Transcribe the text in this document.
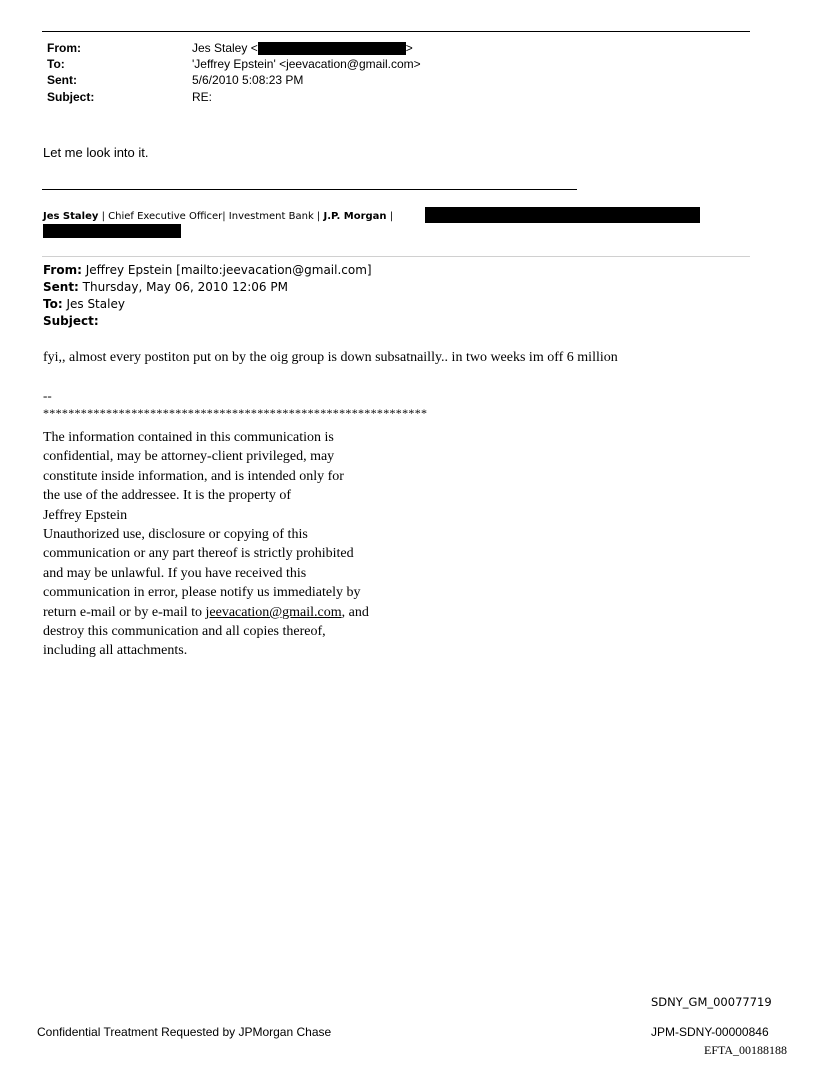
From:	Jes Staley <	>
To:	'Jeffrey Epstein' <jeevacation@gmail.com>
Sent:	5/6/2010 5:08:23 PM
Subject:	RE:
Let me look into it.
Jes Staley | Chief Executive Officer| Investment Bank | J.P. Morgan |
From: Jeffrey Epstein [mailto:jeevacation@gmail.com]
Sent: Thursday, May 06, 2010 12:06 PM
To: Jes Staley
Subject:
fyi,, almost every postiton put on by the oig group is down subsatnailly.. in two weeks im off 6 million
--
*************************************************************
The information contained in this communication is
confidential, may be attorney-client privileged, may
constitute inside information, and is intended only for
the use of the addressee. It is the property of
Jeffrey Epstein
Unauthorized use, disclosure or copying of this
communication or any part thereof is strictly prohibited
and may be unlawful. If you have received this
communication in error, please notify us immediately by
return e-mail or by e-mail to jeevacation@gmail.com, and
destroy this communication and all copies thereof,
including all attachments.
SDNY_GM_00077719
Confidential Treatment Requested by JPMorgan Chase	JPM-SDNY-00000846
EFTA_00188188
